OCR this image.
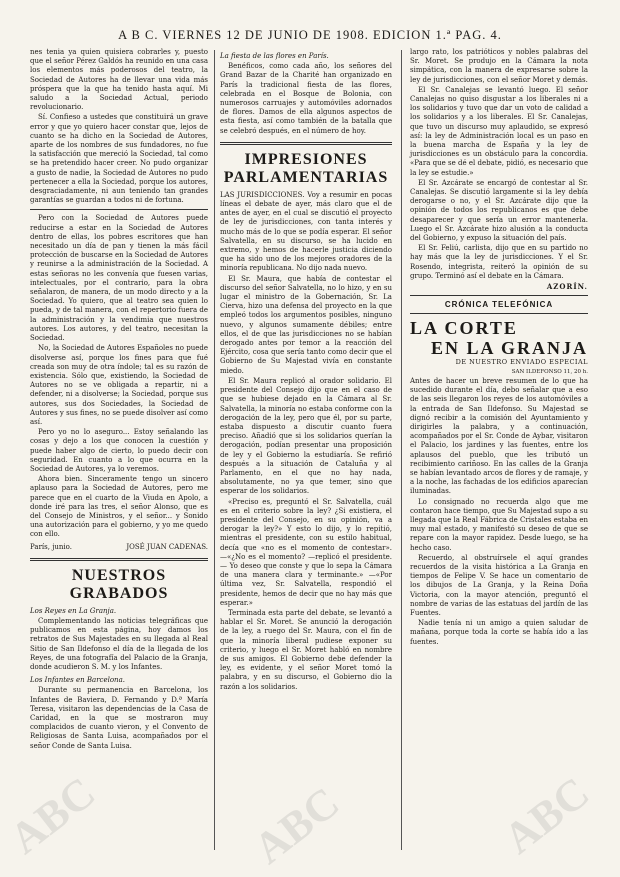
A B C. VIERNES 12 DE JUNIO DE 1908. EDICION 1.ª PAG. 4.

nes tenia ya quien quisiera cobrarles y, puesto que el señor Pérez Galdós ha reunido en una casa los elementos más poderosos del teatro, la Sociedad de Autores ha de llevar una vida más próspera que la que ha tenido hasta aquí. Mi saludo a la Sociedad Actual, periodo revolucionario.

Sí. Confieso a ustedes que constituirá un grave error y que yo quiero hacer constar que, lejos de cuanto se ha dicho en la Sociedad de Autores, aparte de los nombres de sus fundadores, no fue la satisfacción que mereció la Sociedad, tal como se ha pretendido hacer creer. No pudo organizar a gusto de nadie, la Sociedad de Autores no pudo pertenecer a ella la Sociedad, porque los autores, desgraciadamente, ni aun teniendo tan grandes garantías se guardan a todos ni de fortuna.

Pero con la Sociedad de Autores puede reducirse a estar en la Sociedad de Autores dentro de ellas, los pobres escritores que han necesitado un día de pan y tienen la más fácil protección de buscarse en la Sociedad de Autores y reunirse a la administración de la Sociedad. A estas señoras no les convenía que fuesen varias, intelectuales, por el contrario, para la obra señalaron, de manera, de un modo directo y a la Sociedad. Yo quiero, que al teatro sea quien lo pueda, y de tal manera, con el repertorio fuera de la administración y la vendimia que nuestros autores. Los autores, y del teatro, necesitan la Sociedad.

No, la Sociedad de Autores Españoles no puede disolverse así, porque los fines para que fué creada son muy de otra índole; tal es su razón de existencia. Sólo que, existiendo, la Sociedad de Autores no se ve obligada a repartir, ni a defender, ni a disolverse; la Sociedad, porque sus autores, sus dos Sociedades, la Sociedad de Autores y sus fines, no se puede disolver así como así.

Pero yo no lo aseguro... Estoy señalando las cosas y dejo a los que conocen la cuestión y puede haber algo de cierto, lo puedo decir con seguridad. En cuanto a lo que ocurra en la Sociedad de Autores, ya lo veremos.

Ahora bien. Sinceramente tengo un sincero aplauso para la Sociedad de Autores, pero me parece que en el cuarto de la Viuda en Apolo, a donde iré para las tres, el señor Alonso, que es del Consejo de Ministros, y el señor... y Sonido una autorización para el gobierno, y yo me quedo con ello.

París, junio.	JOSÉ JUAN CADENAS.
NUESTROS GRABADOS

Los Reyes en La Granja.

Complementando las noticias telegráficas que publicamos en esta página, hoy damos los retratos de Sus Majestades en su llegada al Real Sitio de San Ildefonso el día de la llegada de los Reyes, de una fotografía del Palacio de la Granja, donde acudieron S. M. y los Infantes.

Los Infantes en Barcelona.

Durante su permanencia en Barcelona, los Infantes de Baviera, D. Fernando y D.ª María Teresa, visitaron las dependencias de la Casa de Caridad, en la que se mostraron muy complacidos de cuanto vieron, y el Convento de Religiosas de Santa Luisa, acompañados por el señor Conde de Santa Luisa.

La fiesta de las flores en París.

Benéficos, como cada año, los señores del Grand Bazar de la Charité han organizado en París la tradicional fiesta de las flores, celebrada en el Bosque de Bolonia, con numerosos carruajes y automóviles adornados de flores. Damos de ella algunos aspectos de esta fiesta, así como también de la batalla que se celebró después, en el número de hoy.

IMPRESIONES
PARLAMENTARIAS

LAS JURISDICCIONES. Voy a resumir en pocas líneas el debate de ayer, más claro que el de antes de ayer, en el cual se discutió el proyecto de ley de jurisdicciones, con tanta interés y mucho más de lo que se podía esperar. El señor Salvatella, en su discurso, se ha lucido en extremo, y hemos de hacerle justicia diciendo que ha sido uno de los mejores oradores de la minoría republicana. No dijo nada nuevo.

El Sr. Maura, que había de contestar el discurso del señor Salvatella, no lo hizo, y en su lugar el ministro de la Gobernación, Sr. La Cierva, hizo una defensa del proyecto en la que empleó todos los argumentos posibles, ninguno nuevo, y algunos sumamente débiles; entre ellos, el de que las jurisdicciones no se habían derogado antes por temor a la reacción del Ejército, cosa que sería tanto como decir que el Gobierno de Su Majestad vivía en constante miedo.

El Sr. Maura replicó al orador solidario. El presidente del Consejo dijo que en el caso de que se hubiese dejado en la Cámara al Sr. Salvatella, la minoría no estaba conforme con la derogación de la ley, pero que él, por su parte, estaba dispuesto a discutir cuanto fuera preciso. Añadió que si los solidarios querían la derogación, podían presentar una proposición de ley y el Gobierno la estudiaría. Se refirió después a la situación de Cataluña y al Parlamento, en el que no hay nada, absolutamente, no ya que temer, sino que esperar de los solidarios.

«Preciso es, preguntó el Sr. Salvatella, cuál es en el criterio sobre la ley? ¿Si existiera, el presidente del Consejo, en su opinión, va a derogar la ley?» Y esto lo dijo, y lo repitió, mientras el presidente, con su estilo habitual, decía que «no es el momento de contestar». —«¿No es el momento? —replicó el presidente.— Yo deseo que conste y que lo sepa la Cámara de una manera clara y terminante.» —«Por última vez, Sr. Salvatella, respondió el presidente, hemos de decir que no hay más que esperar.»

Terminada esta parte del debate, se levantó a hablar el Sr. Moret. Se anunció la derogación de la ley, a ruego del Sr. Maura, con el fin de que la minoría liberal pudiese exponer su criterio, y luego el Sr. Moret habló en nombre de sus amigos. El Gobierno debe defender la ley, es evidente, y el señor Moret tomó la palabra, y en su discurso, el Gobierno dio la razón a los solidarios.

largo rato, los patrióticos y nobles palabras del Sr. Moret. Se produjo en la Cámara la nota simpática, con la manera de expresarse sobre la ley de jurisdicciones, con el señor Moret y demás.

El Sr. Canalejas se levantó luego. El señor Canalejas no quiso disgustar a los liberales ni a los solidarios y tuvo que dar un voto de calidad a los solidarios y a los liberales. El Sr. Canalejas, que tuvo un discurso muy aplaudido, se expresó así: la ley de Administración local es un paso en la buena marcha de España y la ley de jurisdicciones es un obstáculo para la concordia. «Para que se dé el debate, pidió, es necesario que la ley se estudie.»

El Sr. Azcárate se encargó de contestar al Sr. Canalejas. Se discutió largamente si la ley debía derogarse o no, y el Sr. Azcárate dijo que la opinión de todos los republicanos es que debe desaparecer y que sería un error mantenerla. Luego el Sr. Azcárate hizo alusión a la conducta del Gobierno, y expuso la situación del país.

El Sr. Feliú, carlista, dijo que en su partido no hay más que la ley de jurisdicciones. Y el Sr. Rosendo, integrista, reiteró la opinión de su grupo. Terminó así el debate en la Cámara.

AZORÍN.
CRÓNICA TELEFÓNICA
LA CORTE
EN LA GRANJA
DE NUESTRO ENVIADO ESPECIAL
SAN ILDEFONSO 11, 20 h.

Antes de hacer un breve resumen de lo que ha sucedido durante el día, debo señalar que a eso de las seis llegaron los reyes de los automóviles a la entrada de San Ildefonso. Su Majestad se dignó recibir a la comisión del Ayuntamiento y dirigirles la palabra, y a continuación, acompañados por el Sr. Conde de Aybar, visitaron el Palacio, los jardines y las fuentes, entre los aplausos del pueblo, que les tributó un recibimiento cariñoso. En las calles de la Granja se habían levantado arcos de flores y de ramaje, y a la noche, las fachadas de los edificios aparecían iluminadas.

Lo consignado no recuerda algo que me contaron hace tiempo, que Su Majestad supo a su llegada que la Real Fábrica de Cristales estaba en muy mal estado, y manifestó su deseo de que se repare con la mayor rapidez. Desde luego, se ha hecho caso.

Recuerdo, al obstruírsele el aquí grandes recuerdos de la visita histórica a La Granja en tiempos de Felipe V. Se hace un comentario de los dibujos de La Granja, y la Reina Doña Victoria, con la mayor atención, preguntó el nombre de varias de las estatuas del jardín de las Fuentes.

Nadie tenía ni un amigo a quien saludar de mañana, porque toda la corte se había ido a las fuentes.

ABC	ABC	ABC
